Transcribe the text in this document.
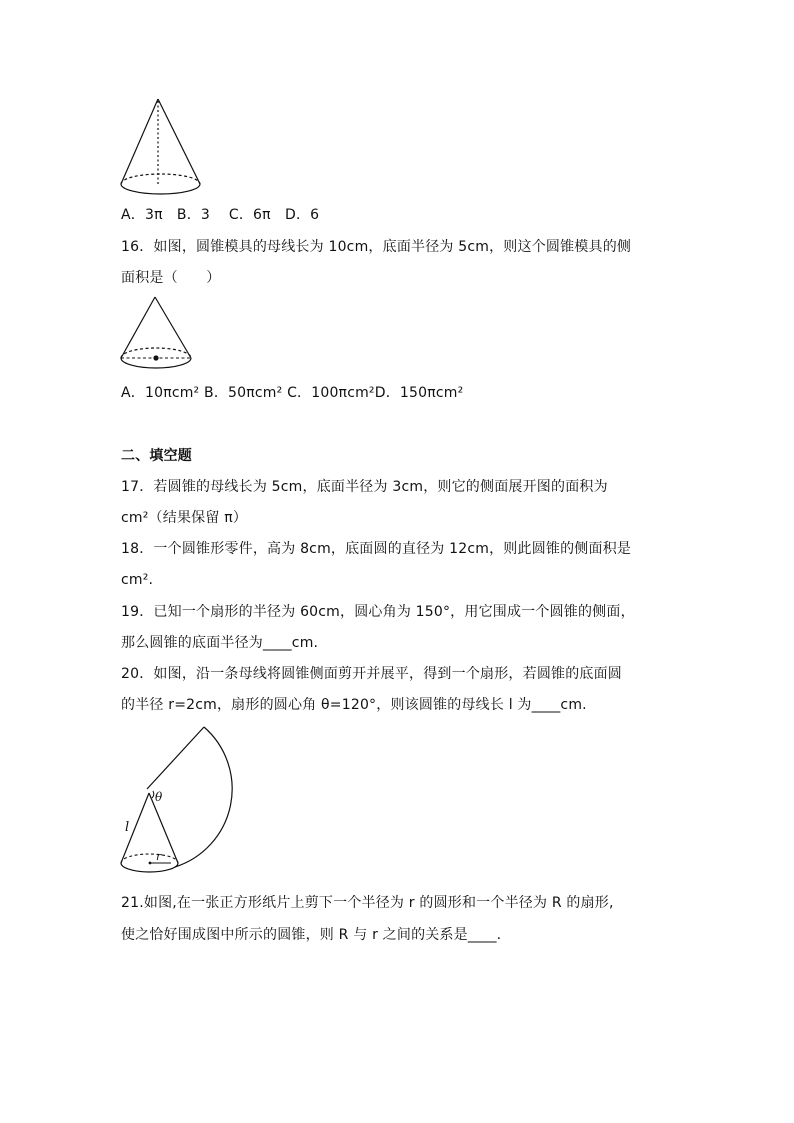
A．3π　B．3　 C．6π　D．6
16．如图，圆锥模具的母线长为 10cm，底面半径为 5cm，则这个圆锥模具的侧
面积是（　　）
A．10πcm² B．50πcm² C．100πcm²D．150πcm²
二、填空题
17．若圆锥的母线长为 5cm，底面半径为 3cm，则它的侧面展开图的面积为
cm²（结果保留 π）
18．一个圆锥形零件，高为 8cm，底面圆的直径为 12cm，则此圆锥的侧面积是
cm².
19．已知一个扇形的半径为 60cm，圆心角为 150°，用它围成一个圆锥的侧面，
那么圆锥的底面半径为____cm.
20．如图，沿一条母线将圆锥侧面剪开并展平，得到一个扇形，若圆锥的底面圆
的半径 r=2cm，扇形的圆心角 θ=120°，则该圆锥的母线长 l 为____cm.
θ
l
r
21.如图,在一张正方形纸片上剪下一个半径为 r 的圆形和一个半径为 R 的扇形,
使之恰好围成图中所示的圆锥，则 R 与 r 之间的关系是____.
